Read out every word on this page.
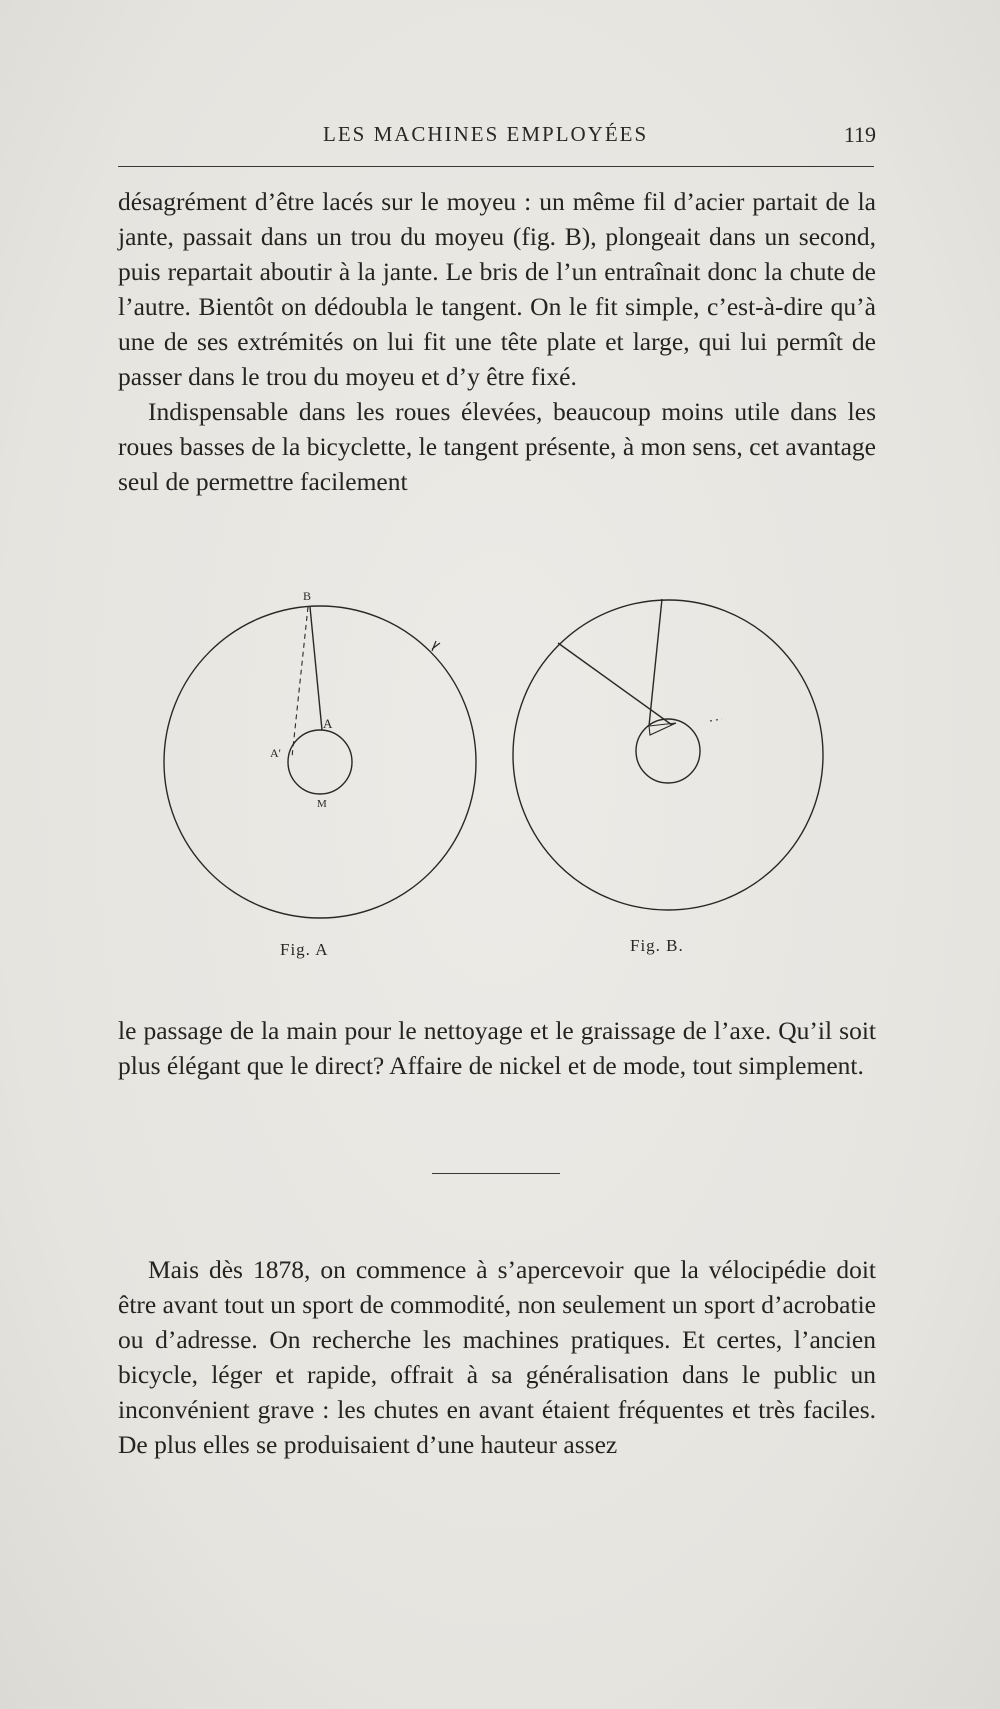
LES MACHINES EMPLOYÉES	119

désagrément d’être lacés sur le moyeu : un même fil d’acier partait de la jante, passait dans un trou du moyeu (fig. B), plongeait dans un second, puis repartait aboutir à la jante. Le bris de l’un entraînait donc la chute de l’autre. Bientôt on dédoubla le tangent. On le fit simple, c’est-à-dire qu’à une de ses extrémités on lui fit une tête plate et large, qui lui permît de passer dans le trou du moyeu et d’y être fixé.

Indispensable dans les roues élevées, beaucoup moins utile dans les roues basses de la bicyclette, le tangent présente, à mon sens, cet avantage seul de permettre facilement

B
A
A'
M
Fig. A	Fig. B.

le passage de la main pour le nettoyage et le graissage de l’axe. Qu’il soit plus élégant que le direct? Affaire de nickel et de mode, tout simplement.

Mais dès 1878, on commence à s’apercevoir que la vélocipédie doit être avant tout un sport de commodité, non seulement un sport d’acrobatie ou d’adresse. On recherche les machines pratiques. Et certes, l’ancien bicycle, léger et rapide, offrait à sa généralisation dans le public un inconvénient grave : les chutes en avant étaient fréquentes et très faciles. De plus elles se produisaient d’une hauteur assez
